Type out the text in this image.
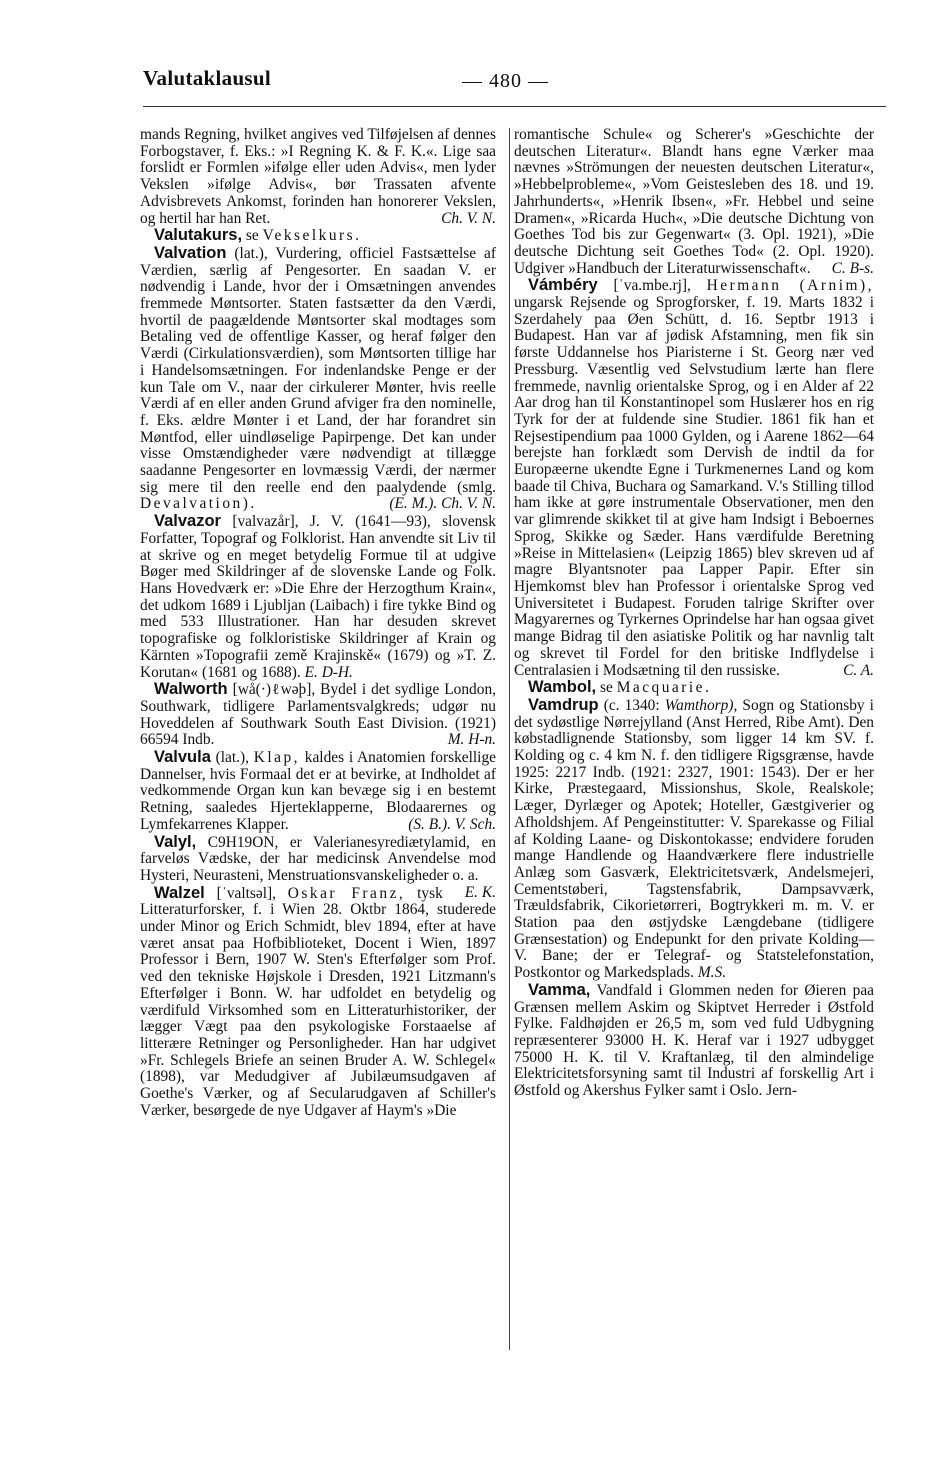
Valutaklausul	— 480 —

mands Regning, hvilket angives ved Tilføjelsen af dennes Forbogstaver, f. Eks.: »I Regning K. & F. K.«. Lige saa forslidt er Formlen »ifølge eller uden Advis«, men lyder Vekslen »ifølge Advis«, bør Trassaten afvente Advisbrevets Ankomst, forinden han honorerer Vekslen, og hertil har han Ret.	Ch. V. N.

Valutakurs, se Vekselkurs.

Valvation (lat.), Vurdering, officiel Fastsættelse af Værdien, særlig af Pengesorter. En saadan V. er nødvendig i Lande, hvor der i Omsætningen anvendes fremmede Møntsorter. Staten fastsætter da den Værdi, hvortil de paagældende Møntsorter skal modtages som Betaling ved de offentlige Kasser, og heraf følger den Værdi (Cirkulationsværdien), som Møntsorten tillige har i Handelsomsætningen. For indenlandske Penge er der kun Tale om V., naar der cirkulerer Mønter, hvis reelle Værdi af en eller anden Grund afviger fra den nominelle, f. Eks. ældre Mønter i et Land, der har forandret sin Møntfod, eller uindløselige Papirpenge. Det kan under visse Omstændigheder være nødvendigt at tillægge saadanne Pengesorter en lovmæssig Værdi, der nærmer sig mere til den reelle end den paalydende (smlg. Devalvation).	(E. M.). Ch. V. N.

Valvazor [valvazår], J. V. (1641—93), slovensk Forfatter, Topograf og Folklorist. Han anvendte sit Liv til at skrive og en meget betydelig Formue til at udgive Bøger med Skildringer af de slovenske Lande og Folk. Hans Hovedværk er: »Die Ehre der Herzogthum Krain«, det udkom 1689 i Ljubljan (Laibach) i fire tykke Bind og med 533 Illustrationer. Han har desuden skrevet topografiske og folkloristiske Skildringer af Krain og Kärnten »Topografii země Krajinskě« (1679) og »T. Z. Korutan« (1681 og 1688). E. D-H.

Walworth [wå(·)ℓwəþ], Bydel i det sydlige London, Southwark, tidligere Parlamentsvalgkreds; udgør nu Hoveddelen af Southwark South East Division. (1921) 66594 Indb.	M. H-n.

Valvula (lat.), Klap, kaldes i Anatomien forskellige Dannelser, hvis Formaal det er at bevirke, at Indholdet af vedkommende Organ kun kan bevæge sig i en bestemt Retning, saaledes Hjerteklapperne, Blodaarernes og Lymfekarrenes Klapper.	(S. B.). V. Sch.

Valyl, C9H19ON, er Valerianesyrediætylamid, en farveløs Vædske, der har medicinsk Anvendelse mod Hysteri, Neurasteni, Menstruationsvanskeligheder o. a.
E. K.

Walzel [ˈvaltsəl], Oskar Franz, tysk Litteraturforsker, f. i Wien 28. Oktbr 1864, studerede under Minor og Erich Schmidt, blev 1894, efter at have været ansat paa Hofbiblioteket, Docent i Wien, 1897 Professor i Bern, 1907 W. Sten's Efterfølger som Prof. ved den tekniske Højskole i Dresden, 1921 Litzmann's Efterfølger i Bonn. W. har udfoldet en betydelig og værdifuld Virksomhed som en Litteraturhistoriker, der lægger Vægt paa den psykologiske Forstaaelse af litterære Retninger og Personligheder. Han har udgivet »Fr. Schlegels Briefe an seinen Bruder A. W. Schlegel« (1898), var Medudgiver af Jubilæumsudgaven af Goethe's Værker, og af Secularudgaven af Schiller's Værker, besørgede de nye Udgaver af Haym's »Die

romantische Schule« og Scherer's »Geschichte der deutschen Literatur«. Blandt hans egne Værker maa nævnes »Strömungen der neuesten deutschen Literatur«, »Hebbelprobleme«, »Vom Geistesleben des 18. und 19. Jahrhunderts«, »Henrik Ibsen«, »Fr. Hebbel und seine Dramen«, »Ricarda Huch«, »Die deutsche Dichtung von Goethes Tod bis zur Gegenwart« (3. Opl. 1921), »Die deutsche Dichtung seit Goethes Tod« (2. Opl. 1920). Udgiver »Handbuch der Literaturwissenschaft«.	C. B-s.

Vámbéry [ˈva.mbe.rj], Hermann (Arnim), ungarsk Rejsende og Sprogforsker, f. 19. Marts 1832 i Szerdahely paa Øen Schütt, d. 16. Septbr 1913 i Budapest. Han var af jødisk Afstamning, men fik sin første Uddannelse hos Piaristerne i St. Georg nær ved Pressburg. Væsentlig ved Selvstudium lærte han flere fremmede, navnlig orientalske Sprog, og i en Alder af 22 Aar drog han til Konstantinopel som Huslærer hos en rig Tyrk for der at fuldende sine Studier. 1861 fik han et Rejsestipendium paa 1000 Gylden, og i Aarene 1862—64 berejste han forklædt som Dervish de indtil da for Europæerne ukendte Egne i Turkmenernes Land og kom baade til Chiva, Buchara og Samarkand. V.'s Stilling tillod ham ikke at gøre instrumentale Observationer, men den var glimrende skikket til at give ham Indsigt i Beboernes Sprog, Skikke og Sæder. Hans værdifulde Beretning »Reise in Mittelasien« (Leipzig 1865) blev skreven ud af magre Blyantsnoter paa Lapper Papir. Efter sin Hjemkomst blev han Professor i orientalske Sprog ved Universitetet i Budapest. Foruden talrige Skrifter over Magyarernes og Tyrkernes Oprindelse har han ogsaa givet mange Bidrag til den asiatiske Politik og har navnlig talt og skrevet til Fordel for den britiske Indflydelse i Centralasien i Modsætning til den russiske.	C. A.

Wambol, se Macquarie.

Vamdrup (c. 1340: Wamthorp), Sogn og Stationsby i det sydøstlige Nørrejylland (Anst Herred, Ribe Amt). Den købstadlignende Stationsby, som ligger 14 km SV. f. Kolding og c. 4 km N. f. den tidligere Rigsgrænse, havde 1925: 2217 Indb. (1921: 2327, 1901: 1543). Der er her Kirke, Præstegaard, Missionshus, Skole, Realskole; Læger, Dyrlæger og Apotek; Hoteller, Gæstgiverier og Afholdshjem. Af Pengeinstitutter: V. Sparekasse og Filial af Kolding Laane- og Diskontokasse; endvidere foruden mange Handlende og Haandværkere flere industrielle Anlæg som Gasværk, Elektricitetsværk, Andelsmejeri, Cementstøberi, Tagstensfabrik, Dampsavværk, Træuldsfabrik, Cikorietørreri, Bogtrykkeri m. m. V. er Station paa den østjydske Længdebane (tidligere Grænsestation) og Endepunkt for den private Kolding—V. Bane; der er Telegraf- og Statstelefonstation, Postkontor og Markedsplads. M.S.

Vamma, Vandfald i Glommen neden for Øieren paa Grænsen mellem Askim og Skiptvet Herreder i Østfold Fylke. Faldhøjden er 26,5 m, som ved fuld Udbygning repræsenterer 93000 H. K. Heraf var i 1927 udbygget 75000 H. K. til V. Kraftanlæg, til den almindelige Elektricitetsforsyning samt til Industri af forskellig Art i Østfold og Akershus Fylker samt i Oslo. Jern-
